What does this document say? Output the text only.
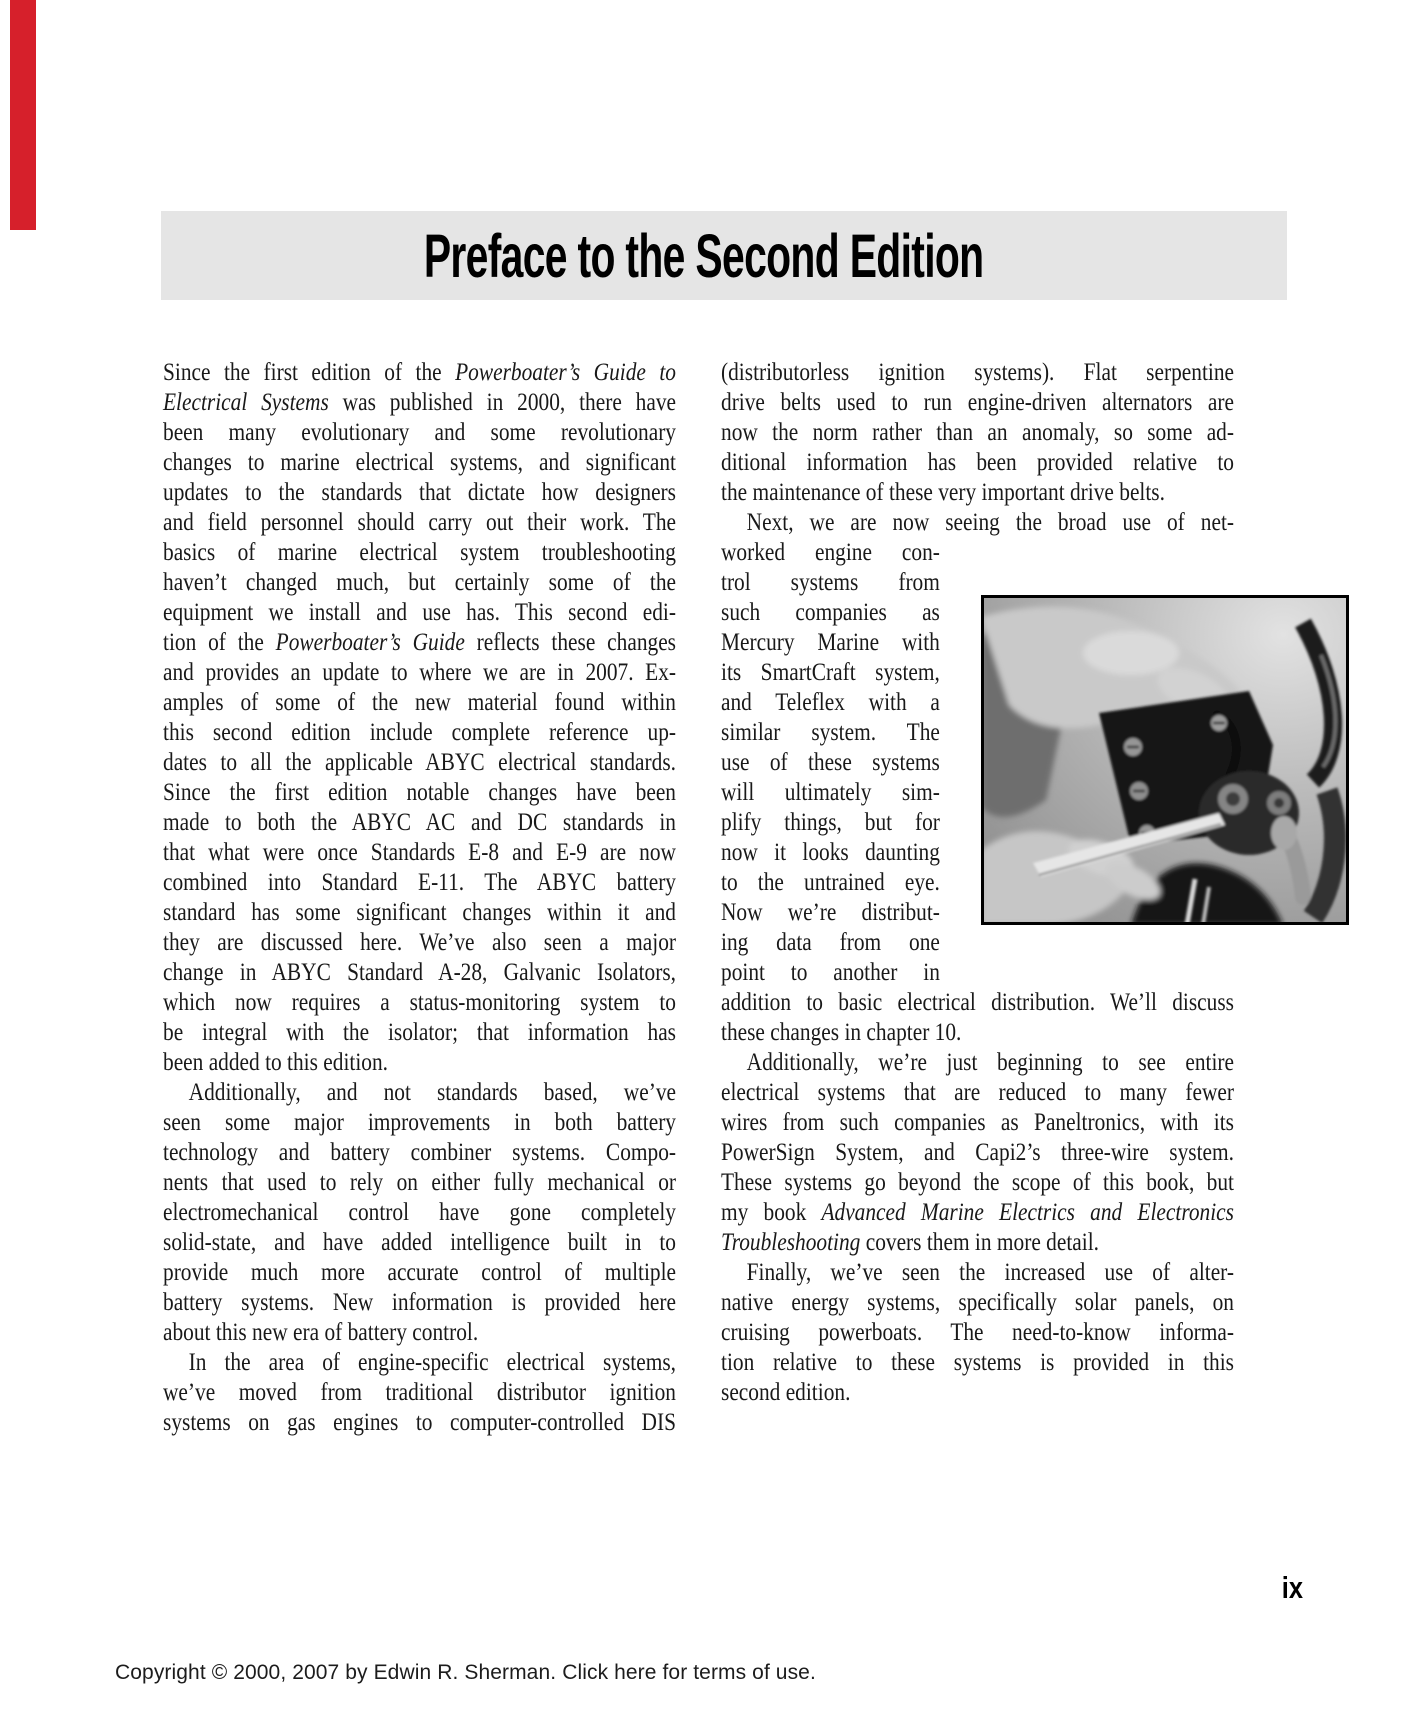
Preface to the Second Edition
Since the first edition of the Powerboater’s Guide to
Electrical Systems was published in 2000, there have
been many evolutionary and some revolutionary
changes to marine electrical systems, and significant
updates to the standards that dictate how designers
and field personnel should carry out their work. The
basics of marine electrical system troubleshooting
haven’t changed much, but certainly some of the
equipment we install and use has. This second edi-
tion of the Powerboater’s Guide reflects these changes
and provides an update to where we are in 2007. Ex-
amples of some of the new material found within
this second edition include complete reference up-
dates to all the applicable ABYC electrical standards.
Since the first edition notable changes have been
made to both the ABYC AC and DC standards in
that what were once Standards E-8 and E-9 are now
combined into Standard E-11. The ABYC battery
standard has some significant changes within it and
they are discussed here. We’ve also seen a major
change in ABYC Standard A-28, Galvanic Isolators,
which now requires a status-monitoring system to
be integral with the isolator; that information has
been added to this edition.
Additionally, and not standards based, we’ve
seen some major improvements in both battery
technology and battery combiner systems. Compo-
nents that used to rely on either fully mechanical or
electromechanical control have gone completely
solid-state, and have added intelligence built in to
provide much more accurate control of multiple
battery systems. New information is provided here
about this new era of battery control.
In the area of engine-specific electrical systems,
we’ve moved from traditional distributor ignition
systems on gas engines to computer-controlled DIS
(distributorless ignition systems). Flat serpentine
drive belts used to run engine-driven alternators are
now the norm rather than an anomaly, so some ad-
ditional information has been provided relative to
the maintenance of these very important drive belts.
Next, we are now seeing the broad use of net-
worked engine con-
trol systems from
such companies as
Mercury Marine with
its SmartCraft system,
and Teleflex with a
similar system. The
use of these systems
will ultimately sim-
plify things, but for
now it looks daunting
to the untrained eye.
Now we’re distribut-
ing data from one
point to another in
addition to basic electrical distribution. We’ll discuss
these changes in chapter 10.
Additionally, we’re just beginning to see entire
electrical systems that are reduced to many fewer
wires from such companies as Paneltronics, with its
PowerSign System, and Capi2’s three-wire system.
These systems go beyond the scope of this book, but
my book Advanced Marine Electrics and Electronics
Troubleshooting covers them in more detail.
Finally, we’ve seen the increased use of alter-
native energy systems, specifically solar panels, on
cruising powerboats. The need-to-know informa-
tion relative to these systems is provided in this
second edition.
ix
Copyright © 2000, 2007 by Edwin R. Sherman. Click here for terms of use.
